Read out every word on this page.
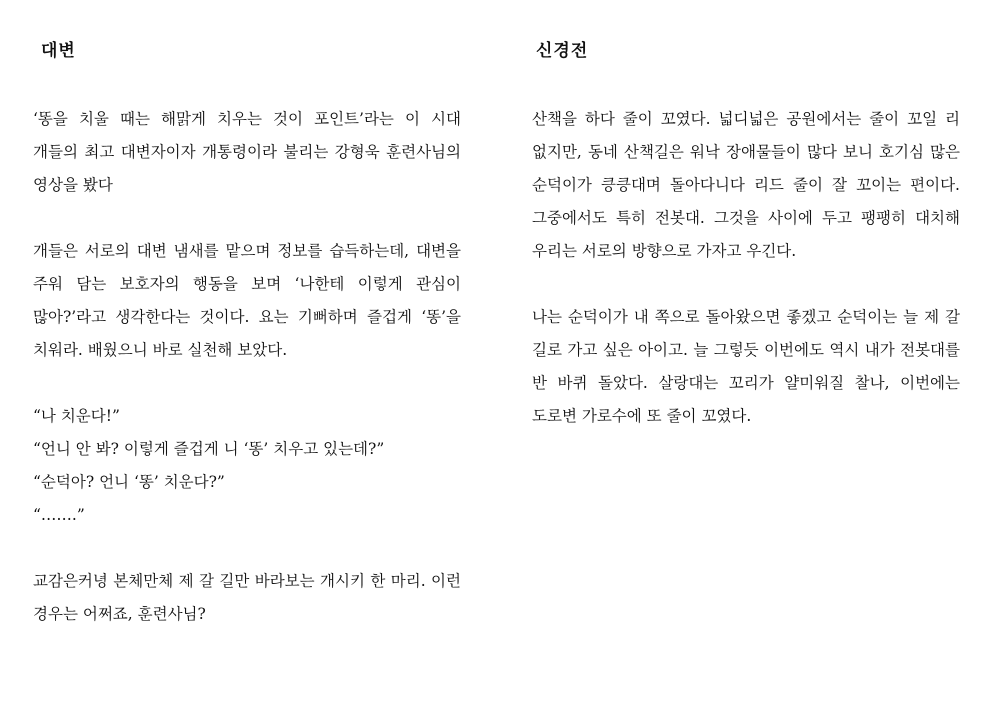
대변

‘똥을 치울 때는 해맑게 치우는 것이 포인트’라는 이 시대 개들의 최고 대변자이자 개통령이라 불리는 강형욱 훈련사님의 영상을 봤다

개들은 서로의 대변 냄새를 맡으며 정보를 습득하는데, 대변을 주워 담는 보호자의 행동을 보며 ‘나한테 이렇게 관심이 많아?’라고 생각한다는 것이다. 요는 기뻐하며 즐겁게 ‘똥’을 치워라. 배웠으니 바로 실천해 보았다.

“나 치운다!”

“언니 안 봐? 이렇게 즐겁게 니 ‘똥’ 치우고 있는데?”

“순덕아? 언니 ‘똥’ 치운다?”

“…….”

교감은커녕 본체만체 제 갈 길만 바라보는 개시키 한 마리. 이런 경우는 어쩌죠, 훈련사님?

신경전

산책을 하다 줄이 꼬였다. 넓디넓은 공원에서는 줄이 꼬일 리 없지만, 동네 산책길은 워낙 장애물들이 많다 보니 호기심 많은 순덕이가 킁킁대며 돌아다니다 리드 줄이 잘 꼬이는 편이다. 그중에서도 특히 전봇대. 그것을 사이에 두고 팽팽히 대치해 우리는 서로의 방향으로 가자고 우긴다.

나는 순덕이가 내 쪽으로 돌아왔으면 좋겠고 순덕이는 늘 제 갈 길로 가고 싶은 아이고. 늘 그렇듯 이번에도 역시 내가 전봇대를 반 바퀴 돌았다. 살랑대는 꼬리가 얄미워질 찰나, 이번에는 도로변 가로수에 또 줄이 꼬였다.
